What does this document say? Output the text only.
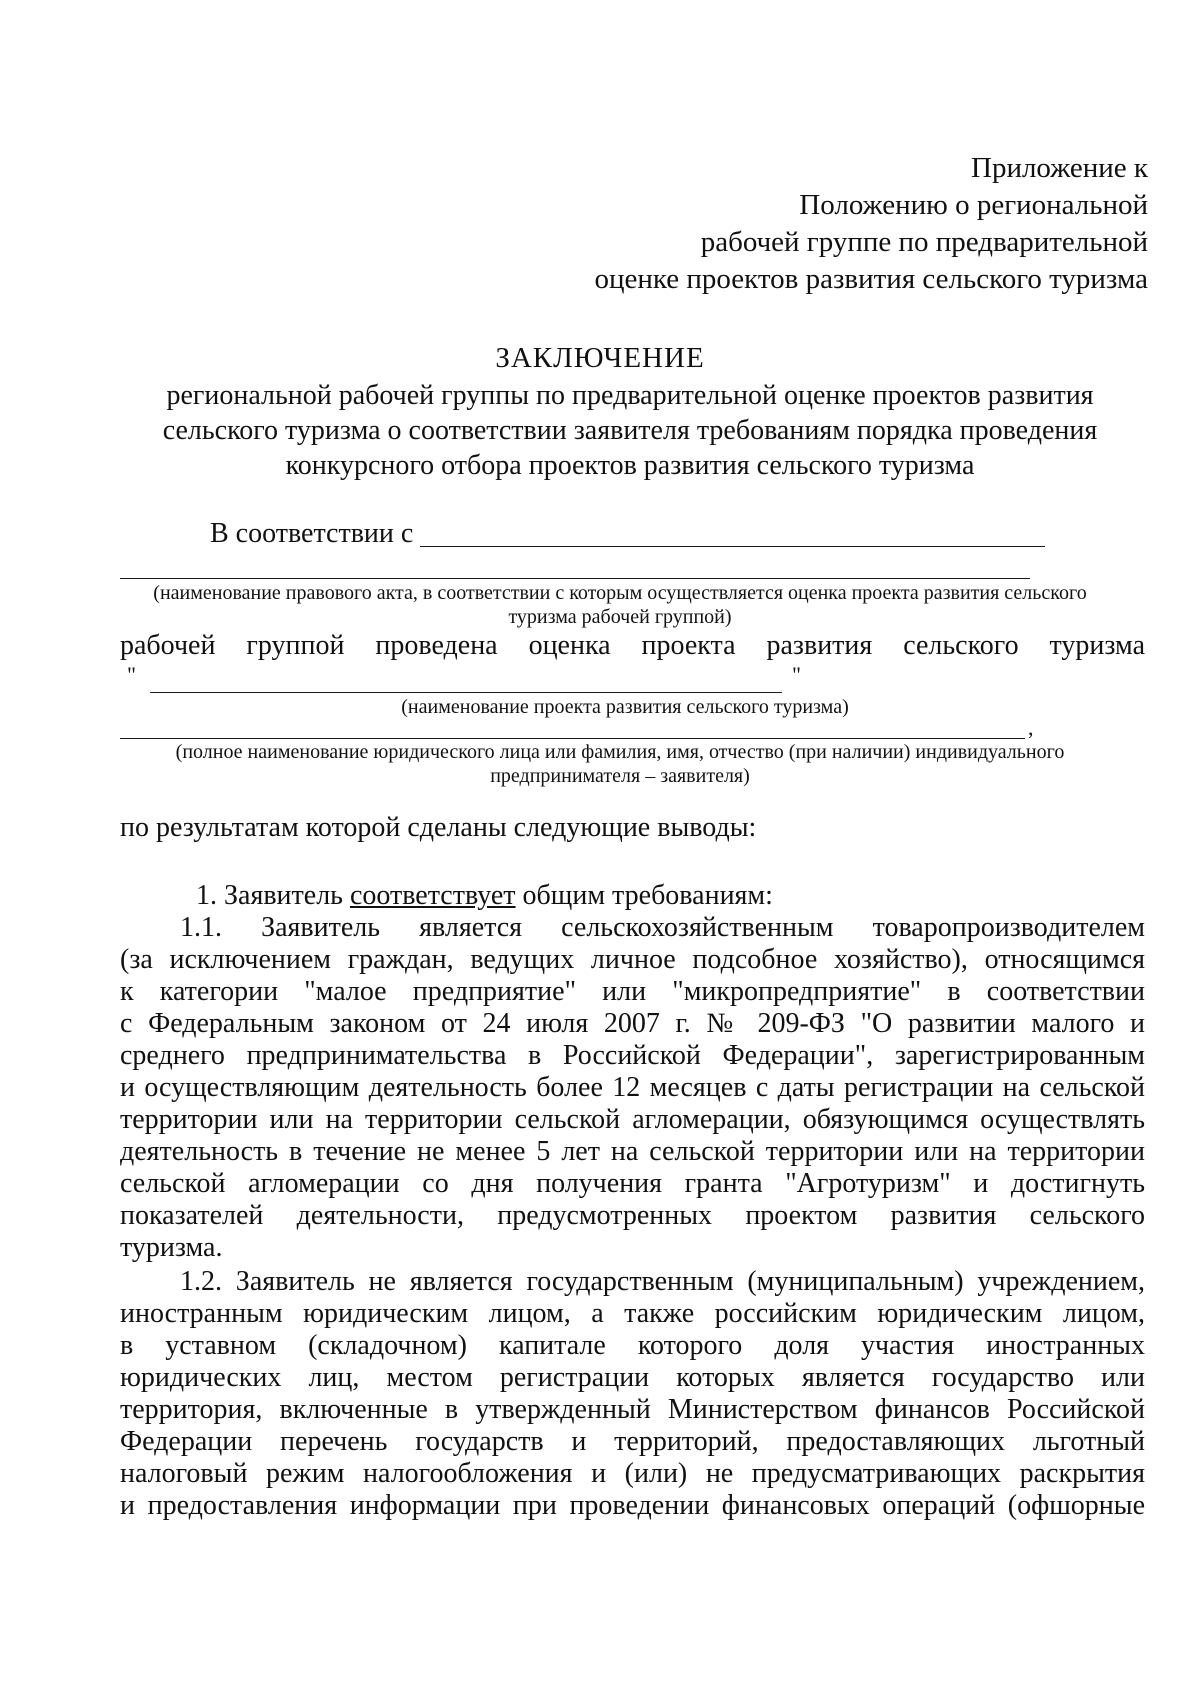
Приложение к
Положению о региональной
рабочей группе по предварительной
оценке проектов развития сельского туризма
ЗАКЛЮЧЕНИЕ
региональной рабочей группы по предварительной оценке проектов развития
сельского туризма о соответствии заявителя требованиям порядка проведения
конкурсного отбора проектов развития сельского туризма
В соответствии с
(наименование правового акта, в соответствии с которым осуществляется оценка проекта развития сельского
туризма рабочей группой)
рабочей группой проведена оценка проекта развития сельского туризма
"	"
(наименование проекта развития сельского туризма)
,
(полное наименование юридического лица или фамилия, имя, отчество (при наличии) индивидуального
предпринимателя – заявителя)
по результатам которой сделаны следующие выводы:
1. Заявитель соответствует общим требованиям:
1.1. Заявитель является сельскохозяйственным товаропроизводителем
(за исключением граждан, ведущих личное подсобное хозяйство), относящимся
к категории "малое предприятие" или "микропредприятие" в соответствии
с Федеральным законом от 24 июля 2007 г. № 209-ФЗ "О развитии малого и
среднего предпринимательства в Российской Федерации", зарегистрированным
и осуществляющим деятельность более 12 месяцев с даты регистрации на сельской
территории или на территории сельской агломерации, обязующимся осуществлять
деятельность в течение не менее 5 лет на сельской территории или на территории
сельской агломерации со дня получения гранта "Агротуризм" и достигнуть
показателей деятельности, предусмотренных проектом развития сельского
туризма.
1.2. Заявитель не является государственным (муниципальным) учреждением,
иностранным юридическим лицом, а также российским юридическим лицом,
в уставном (складочном) капитале которого доля участия иностранных
юридических лиц, местом регистрации которых является государство или
территория, включенные в утвержденный Министерством финансов Российской
Федерации перечень государств и территорий, предоставляющих льготный
налоговый режим налогообложения и (или) не предусматривающих раскрытия
и предоставления информации при проведении финансовых операций (офшорные
